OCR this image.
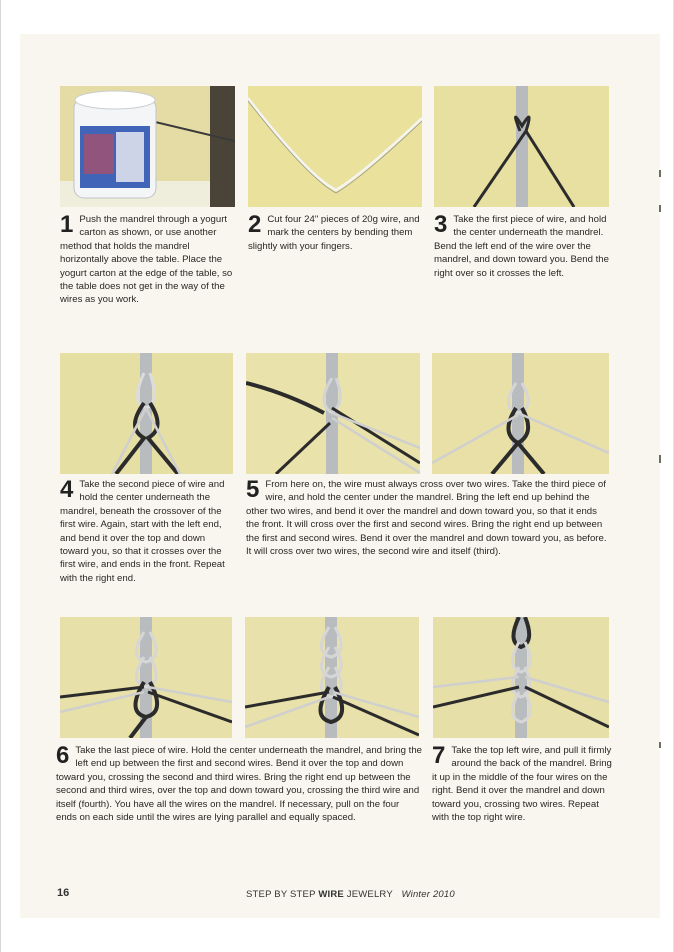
1 Push the mandrel through a yogurt carton as shown, or use another method that holds the mandrel horizontally above the table. Place the yogurt carton at the edge of the table, so the table does not get in the way of the wires as you work.
2 Cut four 24" pieces of 20g wire, and mark the centers by bending them slightly with your fingers.
3 Take the first piece of wire, and hold the center underneath the mandrel. Bend the left end of the wire over the mandrel, and down toward you. Bend the right over so it crosses the left.
4 Take the second piece of wire and hold the center underneath the mandrel, beneath the crossover of the first wire. Again, start with the left end, and bend it over the top and down toward you, so that it crosses over the first wire, and ends in the front. Repeat with the right end.
5 From here on, the wire must always cross over two wires. Take the third piece of wire, and hold the center under the mandrel. Bring the left end up behind the other two wires, and bend it over the mandrel and down toward you, so that it ends the front. It will cross over the first and second wires. Bring the right end up between the first and second wires. Bend it over the mandrel and down toward you, as before. It will cross over two wires, the second wire and itself (third).
6 Take the last piece of wire. Hold the center underneath the mandrel, and bring the left end up between the first and second wires. Bend it over the top and down toward you, crossing the second and third wires. Bring the right end up between the second and third wires, over the top and down toward you, crossing the third wire and itself (fourth). You have all the wires on the mandrel. If necessary, pull on the four ends on each side until the wires are lying parallel and equally spaced.
7 Take the top left wire, and pull it firmly around the back of the mandrel. Bring it up in the middle of the four wires on the right. Bend it over the mandrel and down toward you, crossing two wires. Repeat with the top right wire.
16	STEP BY STEP WIRE JEWELRY Winter 2010
